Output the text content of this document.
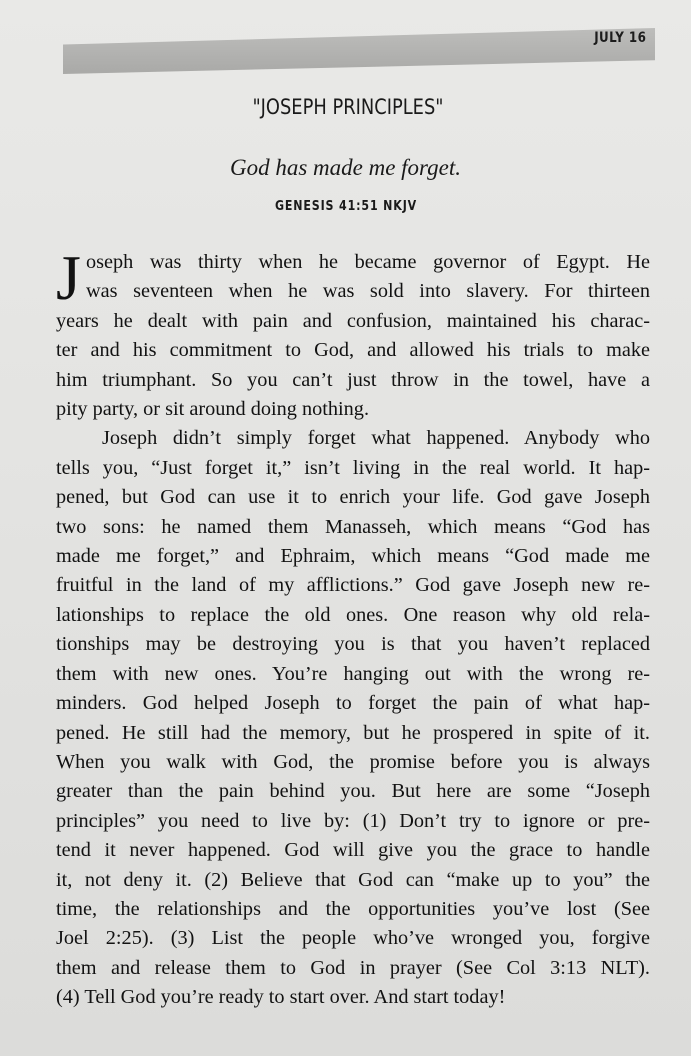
JULY 16
"JOSEPH PRINCIPLES"
God has made me forget.
GENESIS 41:51 NKJV
J oseph was thirty when he became governor of Egypt. He
was seventeen when he was sold into slavery. For thirteen
years he dealt with pain and confusion, maintained his charac-
ter and his commitment to God, and allowed his trials to make
him triumphant. So you can’t just throw in the towel, have a
pity party, or sit around doing nothing.
Joseph didn’t simply forget what happened. Anybody who
tells you, “Just forget it,” isn’t living in the real world. It hap-
pened, but God can use it to enrich your life. God gave Joseph
two sons: he named them Manasseh, which means “God has
made me forget,” and Ephraim, which means “God made me
fruitful in the land of my afflictions.” God gave Joseph new re-
lationships to replace the old ones. One reason why old rela-
tionships may be destroying you is that you haven’t replaced
them with new ones. You’re hanging out with the wrong re-
minders. God helped Joseph to forget the pain of what hap-
pened. He still had the memory, but he prospered in spite of it.
When you walk with God, the promise before you is always
greater than the pain behind you. But here are some “Joseph
principles” you need to live by: (1) Don’t try to ignore or pre-
tend it never happened. God will give you the grace to handle
it, not deny it. (2) Believe that God can “make up to you” the
time, the relationships and the opportunities you’ve lost (See
Joel 2:25). (3) List the people who’ve wronged you, forgive
them and release them to God in prayer (See Col 3:13 NLT).
(4) Tell God you’re ready to start over. And start today!
